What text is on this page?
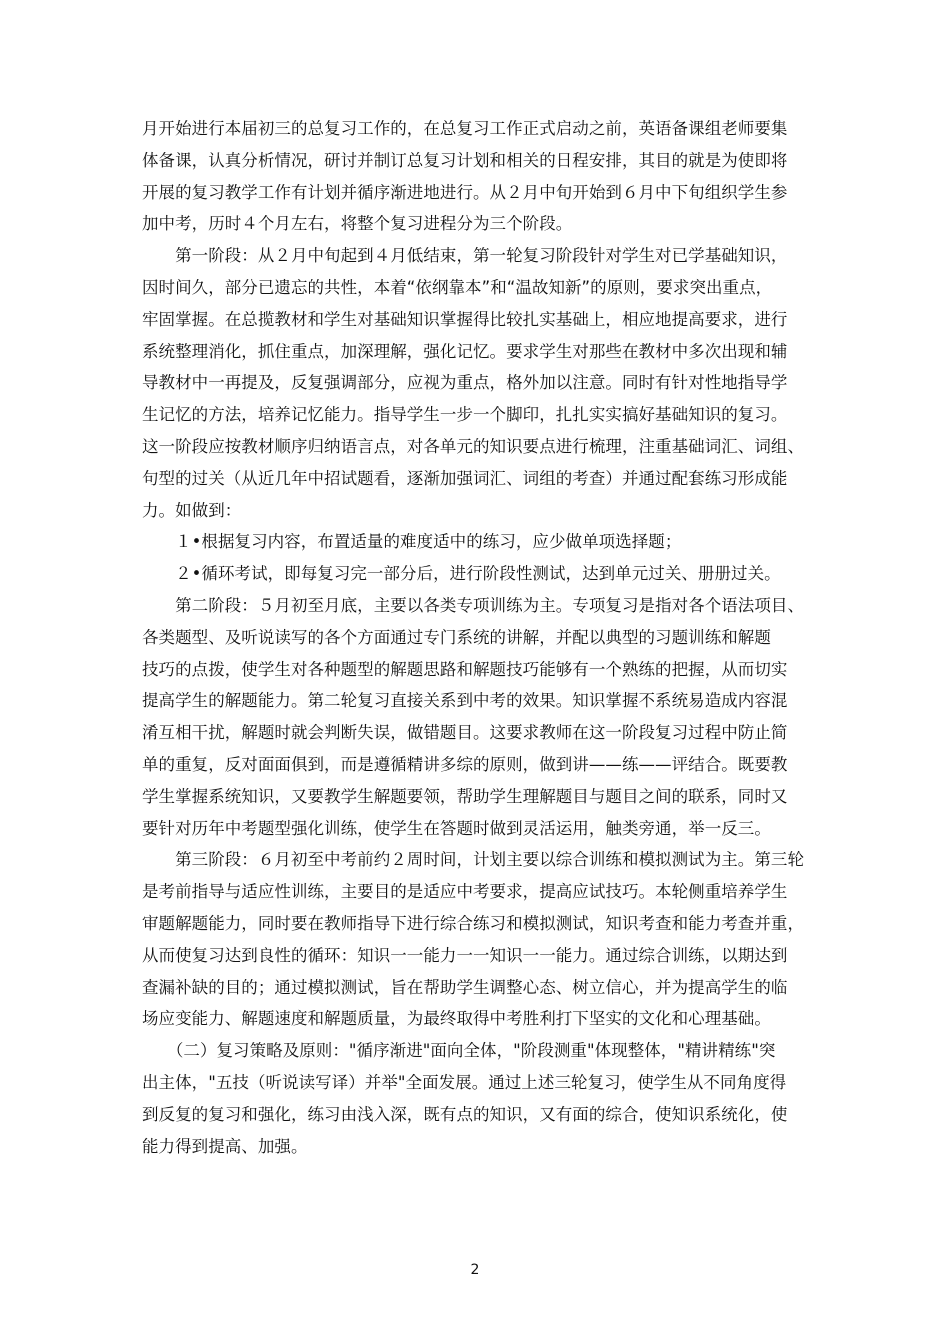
月开始进行本届初三的总复习工作的，在总复习工作正式启动之前，英语备课组老师要集
体备课，认真分析情况，研讨并制订总复习计划和相关的日程安排，其目的就是为使即将
开展的复习教学工作有计划并循序渐进地进行。从２月中旬开始到６月中下旬组织学生参
加中考，历时４个月左右，将整个复习进程分为三个阶段。
　　第一阶段：从２月中旬起到４月低结束，第一轮复习阶段针对学生对已学基础知识，
因时间久，部分已遗忘的共性，本着“依纲靠本”和“温故知新”的原则，要求突出重点，
牢固掌握。在总揽教材和学生对基础知识掌握得比较扎实基础上，相应地提高要求，进行
系统整理消化，抓住重点，加深理解，强化记忆。要求学生对那些在教材中多次出现和辅
导教材中一再提及，反复强调部分，应视为重点，格外加以注意。同时有针对性地指导学
生记忆的方法，培养记忆能力。指导学生一步一个脚印，扎扎实实搞好基础知识的复习。
这一阶段应按教材顺序归纳语言点，对各单元的知识要点进行梳理，注重基础词汇、词组、
句型的过关（从近几年中招试题看，逐渐加强词汇、词组的考查）并通过配套练习形成能
力。如做到：
　　１•根据复习内容，布置适量的难度适中的练习，应少做单项选择题；
　　２•循环考试，即每复习完一部分后，进行阶段性测试，达到单元过关、册册过关。
　　第二阶段：５月初至月底，主要以各类专项训练为主。专项复习是指对各个语法项目、
各类题型、及听说读写的各个方面通过专门系统的讲解，并配以典型的习题训练和解题
技巧的点拨，使学生对各种题型的解题思路和解题技巧能够有一个熟练的把握，从而切实
提高学生的解题能力。第二轮复习直接关系到中考的效果。知识掌握不系统易造成内容混
淆互相干扰，解题时就会判断失误，做错题目。这要求教师在这一阶段复习过程中防止简
单的重复，反对面面俱到，而是遵循精讲多综的原则，做到讲——练——评结合。既要教
学生掌握系统知识，又要教学生解题要领，帮助学生理解题目与题目之间的联系，同时又
要针对历年中考题型强化训练，使学生在答题时做到灵活运用，触类旁通，举一反三。
　　第三阶段：６月初至中考前约２周时间，计划主要以综合训练和模拟测试为主。第三轮
是考前指导与适应性训练，主要目的是适应中考要求，提高应试技巧。本轮侧重培养学生
审题解题能力，同时要在教师指导下进行综合练习和模拟测试，知识考查和能力考查并重，
从而使复习达到良性的循环：知识一一能力一一知识一一能力。通过综合训练，以期达到
查漏补缺的目的；通过模拟测试，旨在帮助学生调整心态、树立信心，并为提高学生的临
场应变能力、解题速度和解题质量，为最终取得中考胜利打下坚实的文化和心理基础。
　　（二）复习策略及原则："循序渐进"面向全体，"阶段测重"体现整体，"精讲精练"突
出主体，"五技（听说读写译）并举"全面发展。通过上述三轮复习，使学生从不同角度得
到反复的复习和强化，练习由浅入深，既有点的知识，又有面的综合，使知识系统化，使
能力得到提高、加强。
2
